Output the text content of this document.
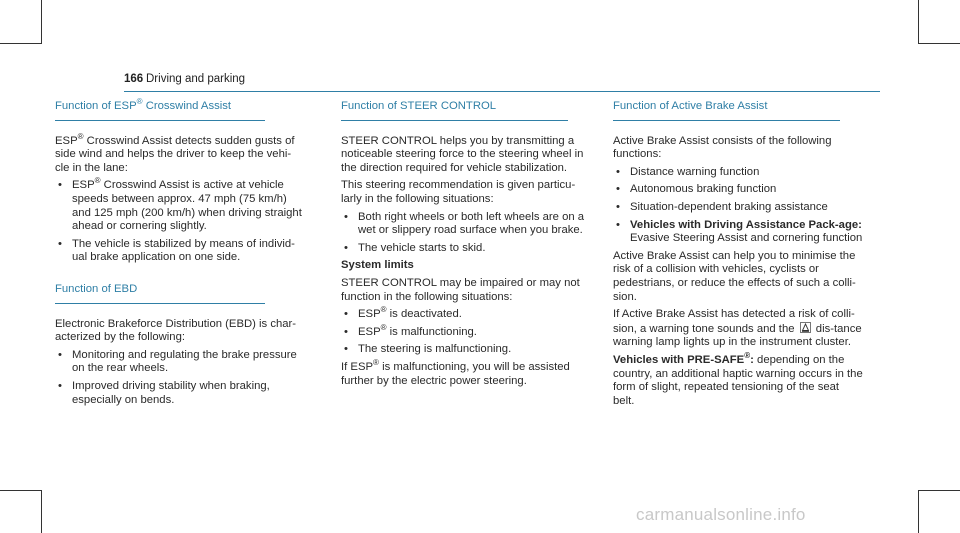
166 Driving and parking
Function of ESP® Crosswind Assist

ESP® Crosswind Assist detects sudden gusts of side wind and helps the driver to keep the vehi-cle in the lane:

• ESP® Crosswind Assist is active at vehicle speeds between approx. 47 mph (75 km/h) and 125 mph (200 km/h) when driving straight ahead or cornering slightly.
• The vehicle is stabilized by means of individ-ual brake application on one side.
Function of EBD

Electronic Brakeforce Distribution (EBD) is char-acterized by the following:

• Monitoring and regulating the brake pressure on the rear wheels.
• Improved driving stability when braking, especially on bends.
Function of STEER CONTROL

STEER CONTROL helps you by transmitting a noticeable steering force to the steering wheel in the direction required for vehicle stabilization.

This steering recommendation is given particu-larly in the following situations:

• Both right wheels or both left wheels are on a wet or slippery road surface when you brake.
• The vehicle starts to skid.
System limits

STEER CONTROL may be impaired or may not function in the following situations:

• ESP® is deactivated.
• ESP® is malfunctioning.
• The steering is malfunctioning.

If ESP® is malfunctioning, you will be assisted further by the electric power steering.

Function of Active Brake Assist

Active Brake Assist consists of the following functions:

• Distance warning function
• Autonomous braking function
• Situation-dependent braking assistance
• Vehicles with Driving Assistance Pack-age: Evasive Steering Assist and cornering function

Active Brake Assist can help you to minimise the risk of a collision with vehicles, cyclists or pedestrians, or reduce the effects of such a colli-sion.

If Active Brake Assist has detected a risk of colli-sion, a warning tone sounds and the dis-tance warning lamp lights up in the instrument cluster.

Vehicles with PRE-SAFE®: depending on the country, an additional haptic warning occurs in the form of slight, repeated tensioning of the seat belt.

carmanualsonline.info
